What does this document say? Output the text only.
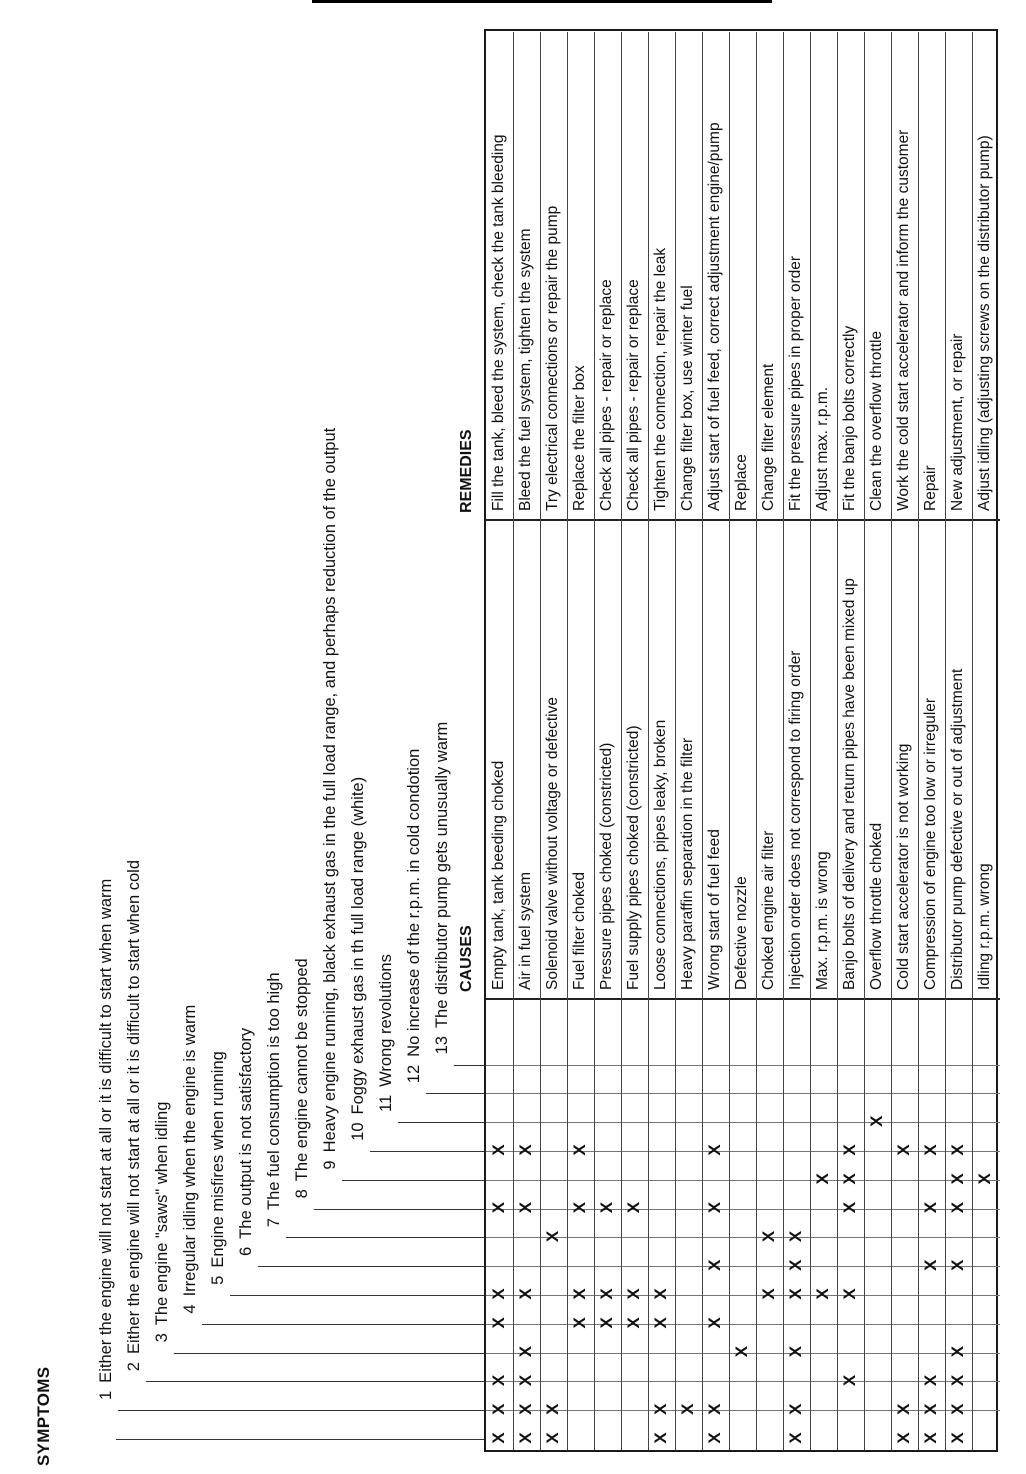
SYMPTOMS	1Either the engine will not start at all or it is difficult to start when warm 2Either the engine will not start at all or it is difficult to start when cold 3The engine "saws" when idling 4Irregular idling when the engine is warm 5Engine misfires when running 6The output is not satisfactory 7The fuel consumption is too high 8The engine cannot be stopped 9Heavy engine running, black exhaust gas in the full load range, and perhaps reduction of the output 10Foggy exhaust gas in th full load range (white) 11Wrong revolutions 12No increase of the r.p.m. in cold condotion 13The distributor pump gets unusually warm CAUSES
REMEDIES
X
X
X
X
X
X
X
Empty tank, tank beeding choked
Fill the tank, bleed the system, check the tank bleeding
X
X
X
X
X
X
X
Air in fuel system
Bleed the fuel system, tighten the system
X
X
X
Solenoid valve without voltage or defective
Try electrical connections or repair the pump
X
X
X
X
Fuel filter choked
Replace the filter box
X
X
X
Pressure pipes choked (constricted)
Check all pipes - repair or replace
X
X
X
Fuel supply pipes choked (constricted)
Check all pipes - repair or replace
X
X
X
X
Loose connections, pipes leaky, broken
Tighten the connection, repair the leak
X
Heavy paraffin separation in the filter
Change filter box, use winter fuel
X
X
X
X
X
X
Wrong start of fuel feed
Adjust start of fuel feed, correct adjustment engine/pump
X
Defective nozzle
Replace
X
X
Choked engine air filter
Change filter element
X
X
X
X
X
X
Injection order does not correspond to firing order
Fit the pressure pipes in proper order
X
X
Max. r.p.m. is wrong
Adjust max. r.p.m.
X
X
X
X
X
Banjo bolts of delivery and return pipes have been mixed up
Fit the banjo bolts correctly
X
Overflow throttle choked
Clean the overflow throttle
X
X
X
Cold start accelerator is not working
Work the cold start accelerator and inform the customer
X
X
X
X
X
X
Compression of engine too low or irreguler
Repair
X
X
X
X
X
X
X
X
Distributor pump defective or out of adjustment
New adjustment, or repair
X
Idling r.p.m. wrong
Adjust idling (adjusting screws on the distributor pump)
